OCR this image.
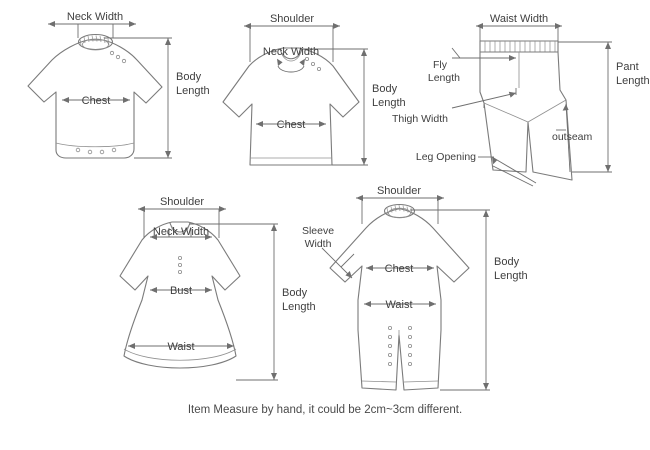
Neck Width
Chest
Body
Length
Shoulder
Neck Width
Chest
Body
Length
Waist Width
Fly
Length
Thigh Width
outseam
Leg Opening
Pant
Length
Shoulder
Neck Width
Bust
Waist
Body
Length
Shoulder
Sleeve
Width
Chest
Waist
Body
Length
Item Measure by hand, it could be 2cm~3cm different.
